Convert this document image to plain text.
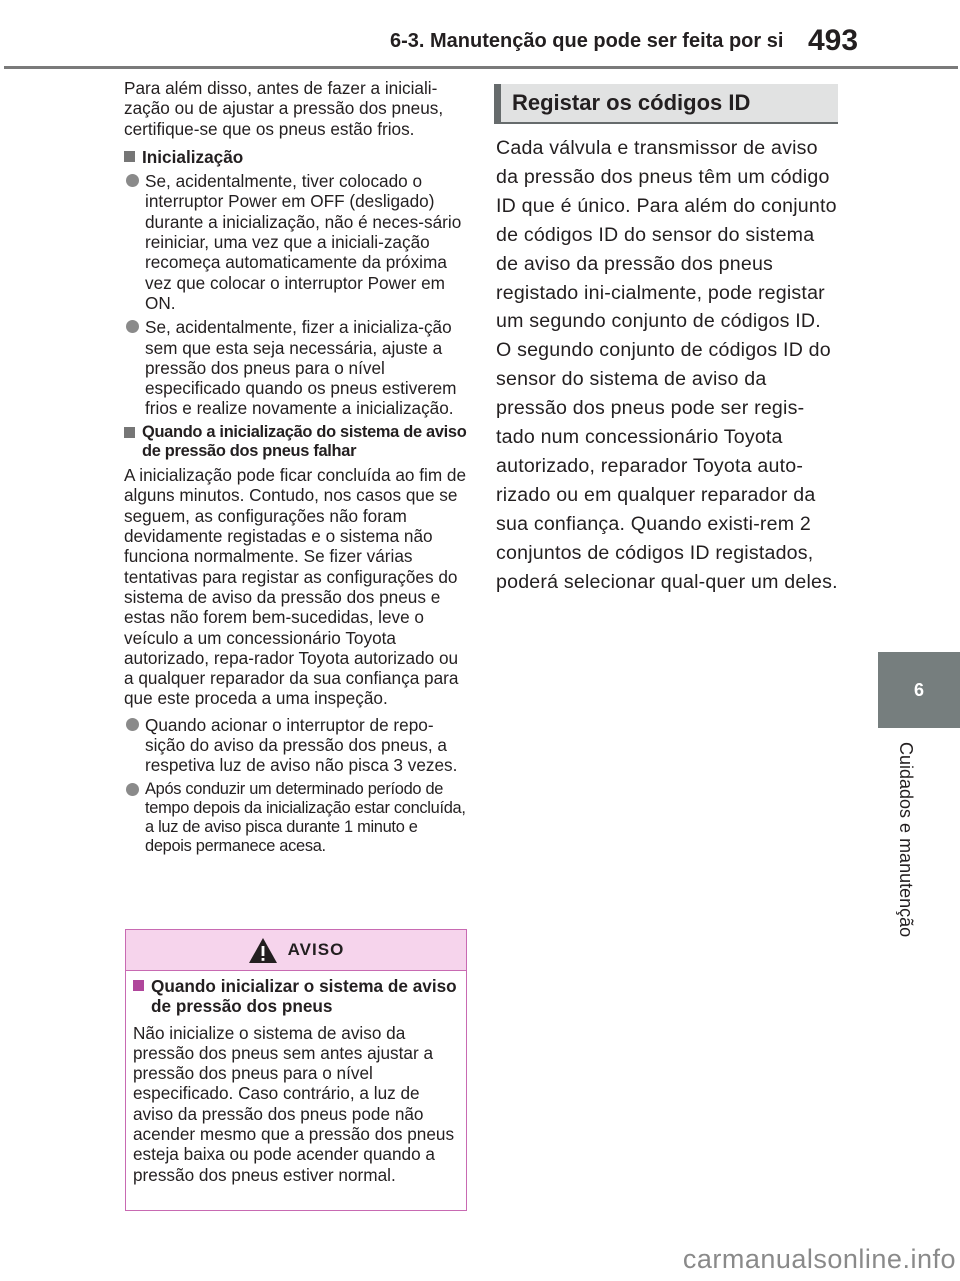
6-3. Manutenção que pode ser feita por si 493
6
Cuidados e manutenção

Para além disso, antes de fazer a iniciali-zação ou de ajustar a pressão dos pneus, certifique-se que os pneus estão frios.

Inicialização

Se, acidentalmente, tiver colocado o interruptor Power em OFF (desligado) durante a inicialização, não é neces-sário reiniciar, uma vez que a iniciali-zação recomeça automaticamente da próxima vez que colocar o interruptor Power em ON.

Se, acidentalmente, fizer a inicializa-ção sem que esta seja necessária, ajuste a pressão dos pneus para o nível especificado quando os pneus estiverem frios e realize novamente a inicialização.

Quando a inicialização do sistema de aviso de pressão dos pneus falhar

A inicialização pode ficar concluída ao fim de alguns minutos. Contudo, nos casos que se seguem, as configurações não foram devidamente registadas e o sistema não funciona normalmente. Se fizer várias tentativas para registar as configurações do sistema de aviso da pressão dos pneus e estas não forem bem-sucedidas, leve o veículo a um concessionário Toyota autorizado, repa-rador Toyota autorizado ou a qualquer reparador da sua confiança para que este proceda a uma inspeção.

Quando acionar o interruptor de repo-sição do aviso da pressão dos pneus, a respetiva luz de aviso não pisca 3 vezes.

Após conduzir um determinado período de tempo depois da inicialização estar concluída, a luz de aviso pisca durante 1 minuto e depois permanece acesa.

AVISO
Quando inicializar o sistema de aviso de pressão dos pneus

Não inicialize o sistema de aviso da pressão dos pneus sem antes ajustar a pressão dos pneus para o nível especificado. Caso contrário, a luz de aviso da pressão dos pneus pode não acender mesmo que a pressão dos pneus esteja baixa ou pode acender quando a pressão dos pneus estiver normal.

Registar os códigos ID

Cada válvula e transmissor de aviso da pressão dos pneus têm um código ID que é único. Para além do conjunto de códigos ID do sensor do sistema de aviso da pressão dos pneus registado ini-cialmente, pode registar um segundo conjunto de códigos ID. O segundo conjunto de códigos ID do sensor do sistema de aviso da pressão dos pneus pode ser regis-tado num concessionário Toyota autorizado, reparador Toyota auto-rizado ou em qualquer reparador da sua confiança. Quando existi-rem 2 conjuntos de códigos ID registados, poderá selecionar qual-quer um deles.

carmanualsonline.info
